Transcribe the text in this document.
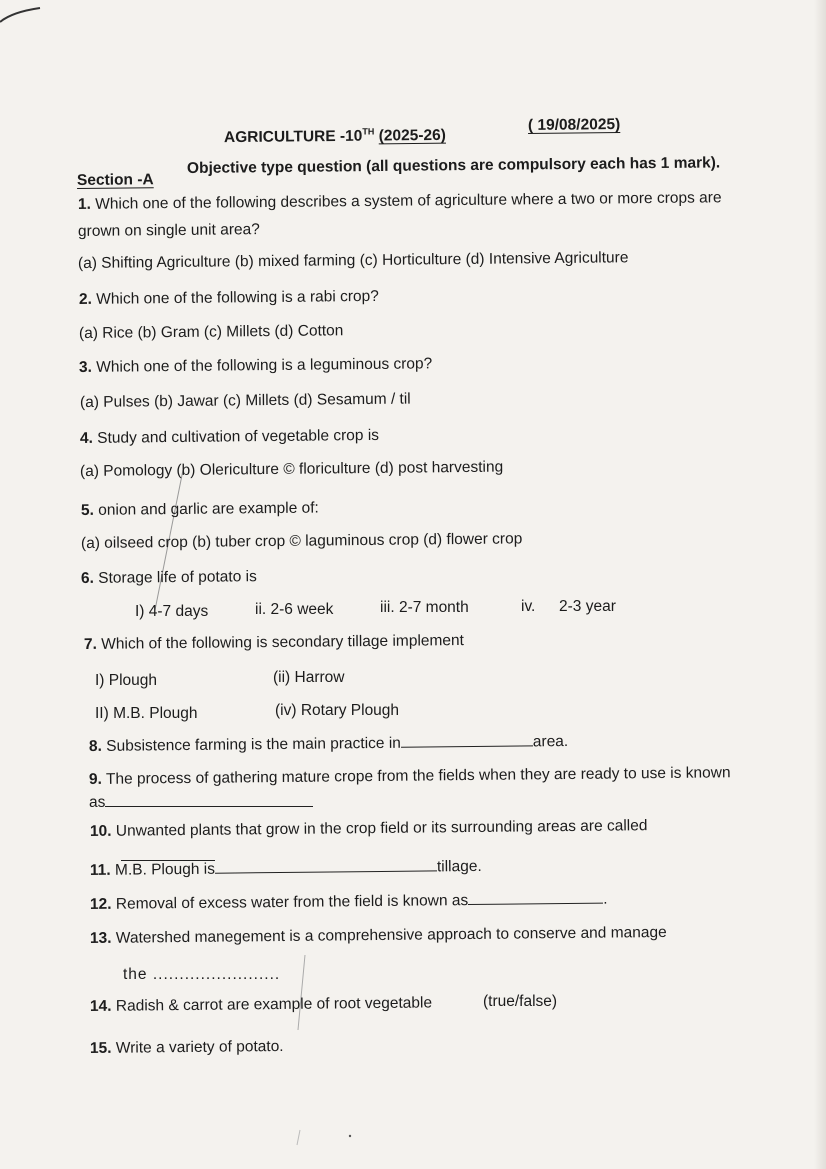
AGRICULTURE -10TH (2025-26)
( 19/08/2025)
Section -A
Objective type question (all questions are compulsory each has 1 mark).
1. Which one of the following describes a system of agriculture where a two or more crops are
grown on single unit area?
(a) Shifting Agriculture (b) mixed farming (c) Horticulture (d) Intensive Agriculture
2. Which one of the following is a rabi crop?
(a) Rice (b) Gram (c) Millets (d) Cotton
3. Which one of the following is a leguminous crop?
(a) Pulses (b) Jawar (c) Millets (d) Sesamum / til
4. Study and cultivation of vegetable crop is
(a) Pomology (b) Olericulture © floriculture (d) post harvesting
5. onion and garlic are example of:
(a) oilseed crop (b) tuber crop © laguminous crop (d) flower crop
6. Storage life of potato is
I) 4-7 days	ii. 2-6 week	iii. 2-7 month	iv. 2-3 year
7. Which of the following is secondary tillage implement
I) Plough	(ii) Harrow
II) M.B. Plough	(iv) Rotary Plough
8. Subsistence farming is the main practice in	area.
9. The process of gathering mature crope from the fields when they are ready to use is known
as
10. Unwanted plants that grow in the crop field or its surrounding areas are called
11. M.B. Plough is	tillage.
12. Removal of excess water from the field is known as	.
13. Watershed manegement is a comprehensive approach to conserve and manage
the ........................
14. Radish & carrot are example of root vegetable	(true/false)
15. Write a variety of potato.
